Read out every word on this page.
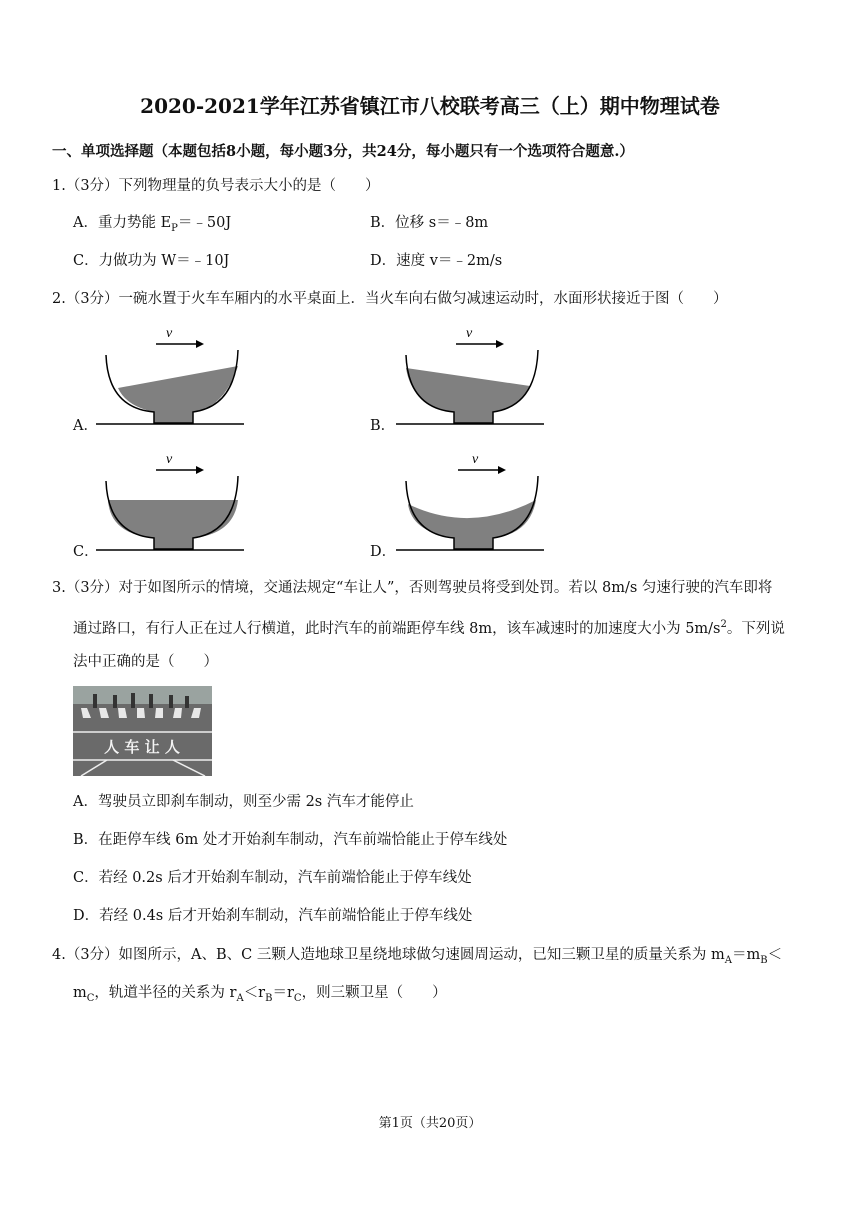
2020-2021学年江苏省镇江市八校联考高三（上）期中物理试卷
一、单项选择题（本题包括8小题，每小题3分，共24分，每小题只有一个选项符合题意.）
1.（3分）下列物理量的负号表示大小的是（　　）
A．重力势能 $E_P=﹣50J$	B．位移 s＝﹣8m
C．力做功为 W＝﹣10J	D．速度 v＝﹣2m/s
2.（3分）一碗水置于火车车厢内的水平桌面上．当火车向右做匀减速运动时，水面形状接近于图（　　）
A．
v
B．
v
C．
v
D．
v
3.（3分）对于如图所示的情境，交通法规定“车让人”，否则驾驶员将受到处罚。若以 8m/s 匀速行驶的汽车即将
通过路口，有行人正在过人行横道，此时汽车的前端距停车线 8m，该车减速时的加速度大小为 $5m/s^2$。下列说
法中正确的是（　　）
人 车 让 人
A．驾驶员立即刹车制动，则至少需 2s 汽车才能停止
B．在距停车线 6m 处才开始刹车制动，汽车前端恰能止于停车线处
C．若经 0.2s 后才开始刹车制动，汽车前端恰能止于停车线处
D．若经 0.4s 后才开始刹车制动，汽车前端恰能止于停车线处
4.（3分）如图所示，A、B、C 三颗人造地球卫星绕地球做匀速圆周运动，已知三颗卫星的质量关系为 $m_A=m_B<$
$m_C$，轨道半径的关系为 $r_A<r_B=r_C$，则三颗卫星（　　）
第1页（共20页）
